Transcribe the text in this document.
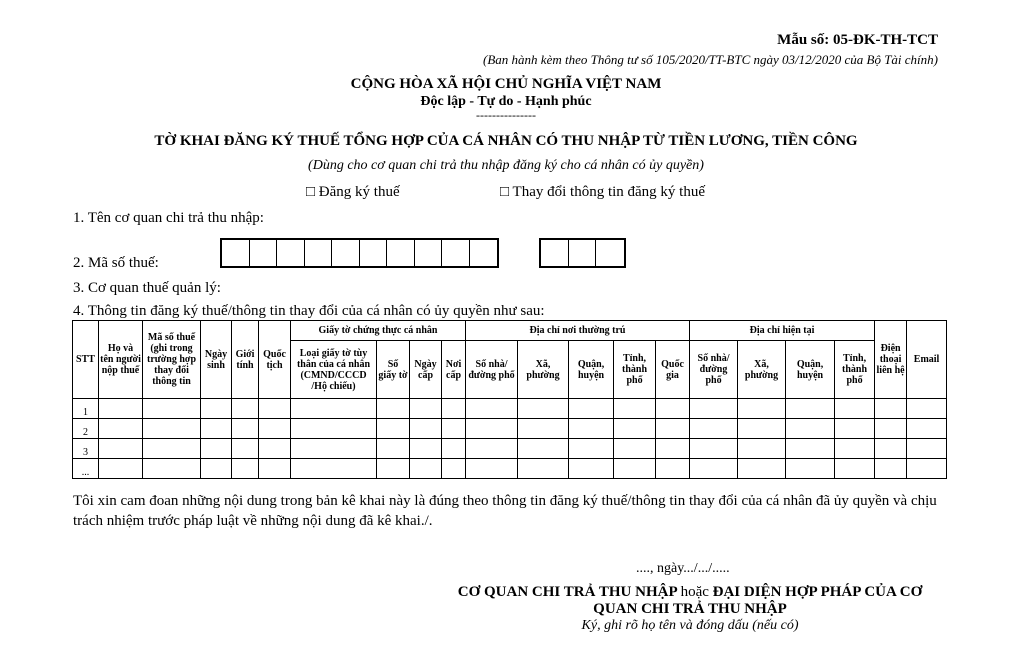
Mẫu số: 05-ĐK-TH-TCT
(Ban hành kèm theo Thông tư số 105/2020/TT-BTC ngày 03/12/2020 của Bộ Tài chính)
CỘNG HÒA XÃ HỘI CHỦ NGHĨA VIỆT NAM
Độc lập - Tự do - Hạnh phúc
---------------
TỜ KHAI ĐĂNG KÝ THUẾ TỔNG HỢP CỦA CÁ NHÂN CÓ THU NHẬP TỪ TIỀN LƯƠNG, TIỀN CÔNG
(Dùng cho cơ quan chi trả thu nhập đăng ký cho cá nhân có ủy quyền)
□ Đăng ký thuế	□ Thay đổi thông tin đăng ký thuế
1. Tên cơ quan chi trả thu nhập:
2. Mã số thuế:
3. Cơ quan thuế quản lý:
4. Thông tin đăng ký thuế/thông tin thay đổi của cá nhân có ủy quyền như sau:
STT	Họ và tên người nộp thuế	Mã số thuế (ghi trong trường hợp thay đổi thông tin	Ngày sinh	Giới tính	Quốc tịch	Giấy tờ chứng thực cá nhân				Địa chỉ nơi thường trú					Địa chỉ hiện tại				Điện thoại liên hệ	Email
						Loại giấy tờ tùy thân của cá nhân (CMND/CCCD /Hộ chiếu)	Số giấy tờ	Ngày cấp	Nơi cấp	Số nhà/đường phố	Xã, phường	Quận, huyện	Tỉnh, thành phố	Quốc gia	Số nhà/ đường phố	Xã, phường	Quận, huyện	Tỉnh, thành phố		
1																				
2																				
3																				
...																				
Tôi xin cam đoan những nội dung trong bản kê khai này là đúng theo thông tin đăng ký thuế/thông tin thay đổi của cá nhân đã ủy quyền và chịu trách nhiệm trước pháp luật về những nội dung đã kê khai./.
...., ngày.../.../.....
CƠ QUAN CHI TRẢ THU NHẬP hoặc ĐẠI DIỆN HỢP PHÁP CỦA CƠ QUAN CHI TRẢ THU NHẬP
Ký, ghi rõ họ tên và đóng dấu (nếu có)
